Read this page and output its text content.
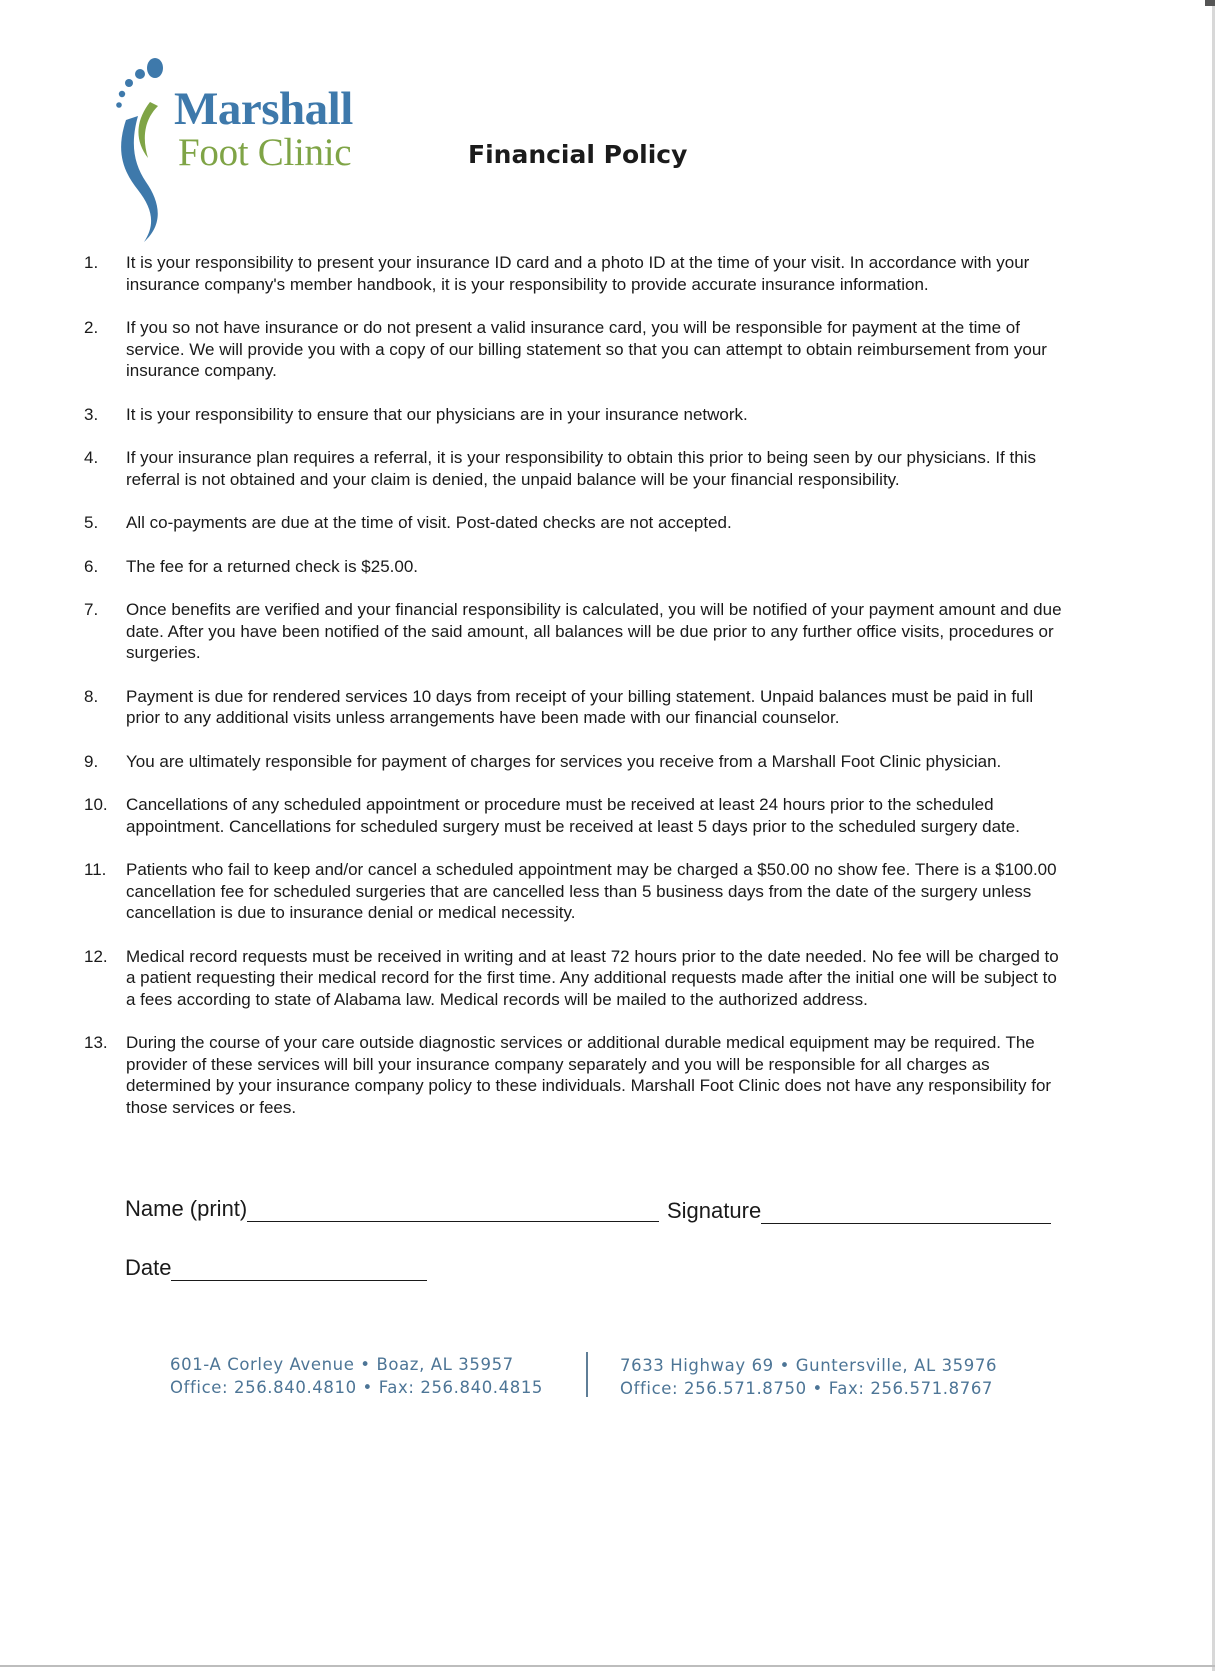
Marshall
Foot Clinic	Financial Policy
1.	It is your responsibility to present your insurance ID card and a photo ID at the time of your visit. In accordance with your insurance company's member handbook, it is your responsibility to provide accurate insurance information.
2.	If you so not have insurance or do not present a valid insurance card, you will be responsible for payment at the time of service. We will provide you with a copy of our billing statement so that you can attempt to obtain reimbursement from your insurance company.
3.	It is your responsibility to ensure that our physicians are in your insurance network.
4.	If your insurance plan requires a referral, it is your responsibility to obtain this prior to being seen by our physicians. If this referral is not obtained and your claim is denied, the unpaid balance will be your financial responsibility.
5.	All co-payments are due at the time of visit. Post-dated checks are not accepted.
6.	The fee for a returned check is $25.00.
7.	Once benefits are verified and your financial responsibility is calculated, you will be notified of your payment amount and due date. After you have been notified of the said amount, all balances will be due prior to any further office visits, procedures or surgeries.
8.	Payment is due for rendered services 10 days from receipt of your billing statement. Unpaid balances must be paid in full prior to any additional visits unless arrangements have been made with our financial counselor.
9.	You are ultimately responsible for payment of charges for services you receive from a Marshall Foot Clinic physician.
10.	Cancellations of any scheduled appointment or procedure must be received at least 24 hours prior to the scheduled appointment. Cancellations for scheduled surgery must be received at least 5 days prior to the scheduled surgery date.
11.	Patients who fail to keep and/or cancel a scheduled appointment may be charged a $50.00 no show fee. There is a $100.00 cancellation fee for scheduled surgeries that are cancelled less than 5 business days from the date of the surgery unless cancellation is due to insurance denial or medical necessity.
12.	Medical record requests must be received in writing and at least 72 hours prior to the date needed. No fee will be charged to a patient requesting their medical record for the first time. Any additional requests made after the initial one will be subject to a fees according to state of Alabama law. Medical records will be mailed to the authorized address.
13.	During the course of your care outside diagnostic services or additional durable medical equipment may be required. The provider of these services will bill your insurance company separately and you will be responsible for all charges as determined by your insurance company policy to these individuals. Marshall Foot Clinic does not have any responsibility for those services or fees.
Name (print)	Signature
Date
601-A Corley Avenue • Boaz, AL 35957
Office: 256.840.4810 • Fax: 256.840.4815
7633 Highway 69 • Guntersville, AL 35976
Office: 256.571.8750 • Fax: 256.571.8767
